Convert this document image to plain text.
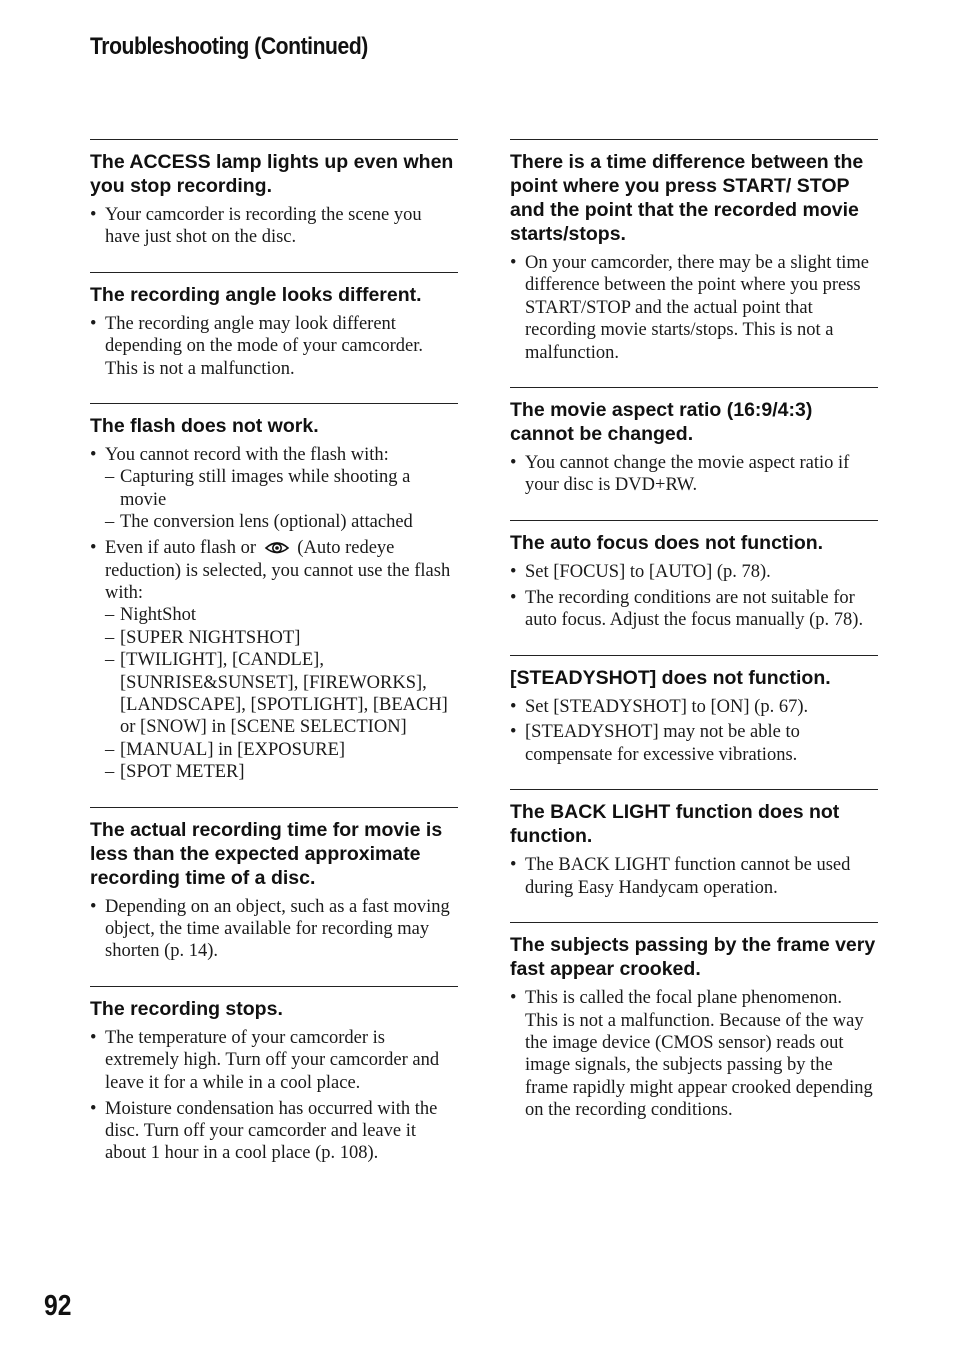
Troubleshooting (Continued)
The ACCESS lamp lights up even when you stop recording.
• Your camcorder is recording the scene you have just shot on the disc.
The recording angle looks different.
• The recording angle may look different depending on the mode of your camcorder. This is not a malfunction.
The flash does not work.
• You cannot record with the flash with:
– Capturing still images while shooting a movie
– The conversion lens (optional) attached
• Even if auto flash or (Auto redeye reduction) is selected, you cannot use the flash with:
– NightShot
– [SUPER NIGHTSHOT]
– [TWILIGHT], [CANDLE], [SUNRISE&SUNSET], [FIREWORKS], [LANDSCAPE], [SPOTLIGHT], [BEACH] or [SNOW] in [SCENE SELECTION]
– [MANUAL] in [EXPOSURE]
– [SPOT METER]
The actual recording time for movie is less than the expected approximate recording time of a disc.
• Depending on an object, such as a fast moving object, the time available for recording may shorten (p. 14).
The recording stops.
• The temperature of your camcorder is extremely high. Turn off your camcorder and leave it for a while in a cool place.
• Moisture condensation has occurred with the disc. Turn off your camcorder and leave it about 1 hour in a cool place (p. 108).
There is a time difference between the point where you press START/ STOP and the point that the recorded movie starts/stops.
• On your camcorder, there may be a slight time difference between the point where you press START/STOP and the actual point that recording movie starts/stops. This is not a malfunction.
The movie aspect ratio (16:9/4:3) cannot be changed.
• You cannot change the movie aspect ratio if your disc is DVD+RW.
The auto focus does not function.
• Set [FOCUS] to [AUTO] (p. 78).
• The recording conditions are not suitable for auto focus. Adjust the focus manually (p. 78).
[STEADYSHOT] does not function.
• Set [STEADYSHOT] to [ON] (p. 67).
• [STEADYSHOT] may not be able to compensate for excessive vibrations.
The BACK LIGHT function does not function.
• The BACK LIGHT function cannot be used during Easy Handycam operation.
The subjects passing by the frame very fast appear crooked.
• This is called the focal plane phenomenon. This is not a malfunction. Because of the way the image device (CMOS sensor) reads out image signals, the subjects passing by the frame rapidly might appear crooked depending on the recording conditions.
92
